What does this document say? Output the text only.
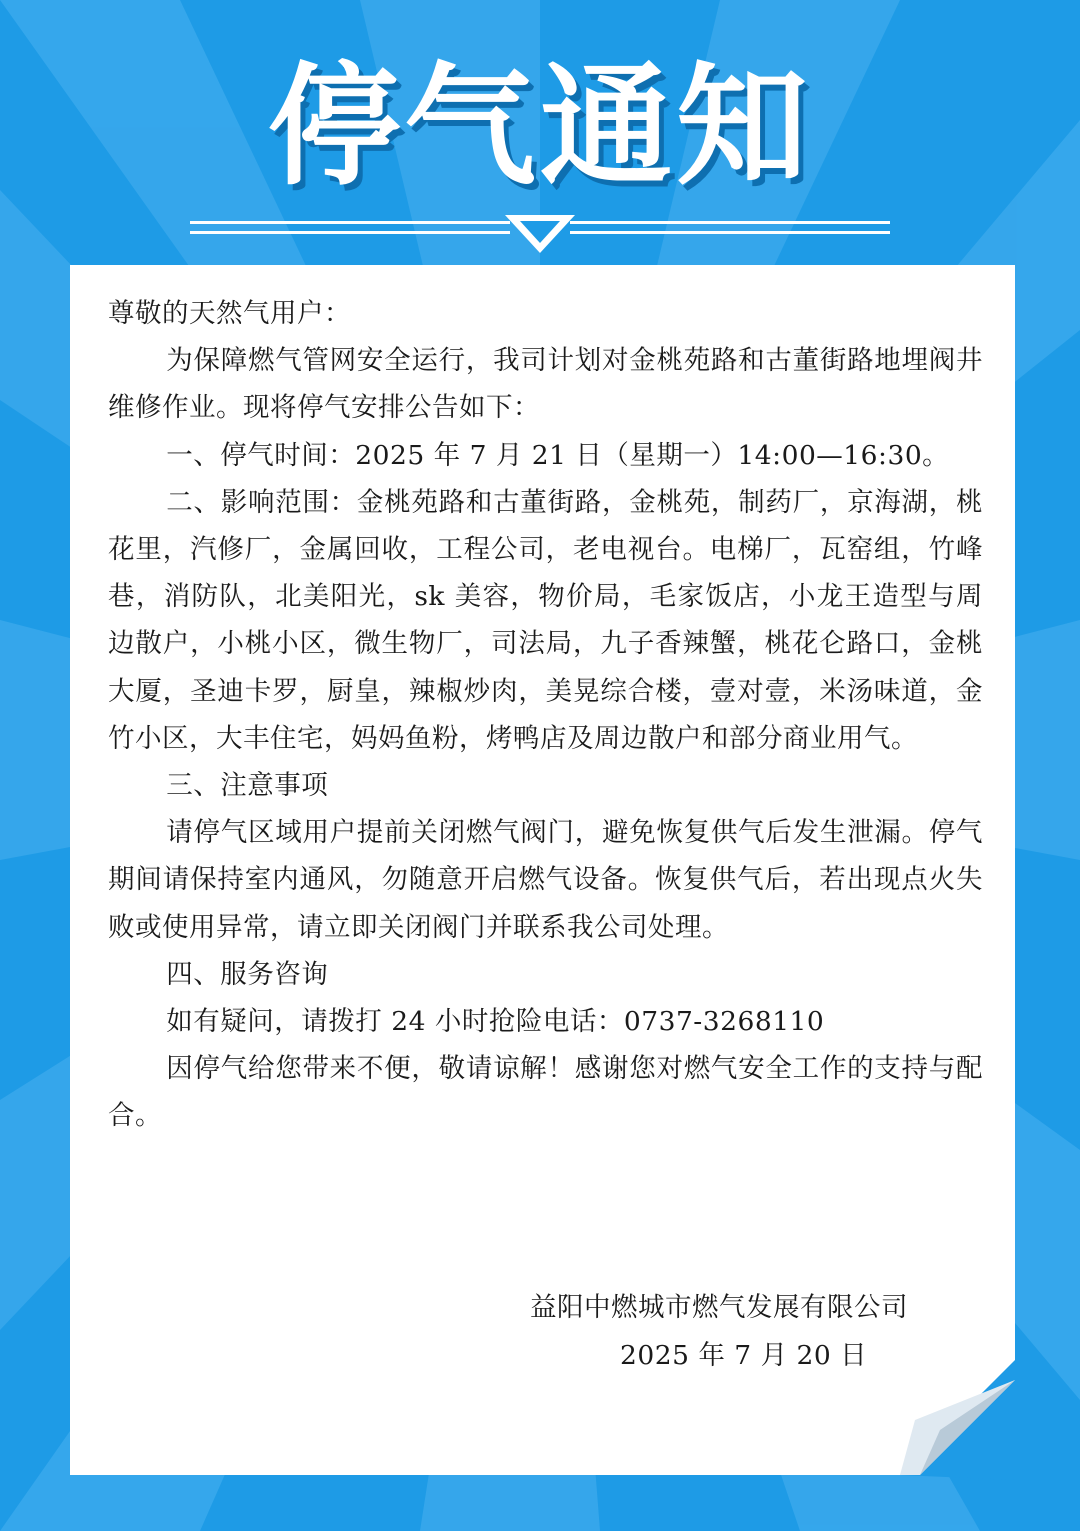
停气通知

尊敬的天然气用户：

为保障燃气管网安全运行，我司计划对金桃苑路和古董街路地埋阀井维修作业。现将停气安排公告如下：

一、停气时间：2025 年 7 月 21 日（星期一）14:00—16:30。

二、影响范围：金桃苑路和古董街路，金桃苑，制药厂，京海湖，桃花里，汽修厂，金属回收，工程公司，老电视台。电梯厂，瓦窑组，竹峰巷，消防队，北美阳光，sk 美容，物价局，毛家饭店，小龙王造型与周边散户，小桃小区，微生物厂，司法局，九子香辣蟹，桃花仑路口，金桃大厦，圣迪卡罗，厨皇，辣椒炒肉，美晃综合楼，壹对壹，米汤味道，金竹小区，大丰住宅，妈妈鱼粉，烤鸭店及周边散户和部分商业用气。

三、注意事项

请停气区域用户提前关闭燃气阀门，避免恢复供气后发生泄漏。停气期间请保持室内通风，勿随意开启燃气设备。恢复供气后，若出现点火失败或使用异常，请立即关闭阀门并联系我公司处理。

四、服务咨询

如有疑问，请拨打 24 小时抢险电话：0737-3268110

因停气给您带来不便，敬请谅解！感谢您对燃气安全工作的支持与配合。

益阳中燃城市燃气发展有限公司
2025 年 7 月 20 日
